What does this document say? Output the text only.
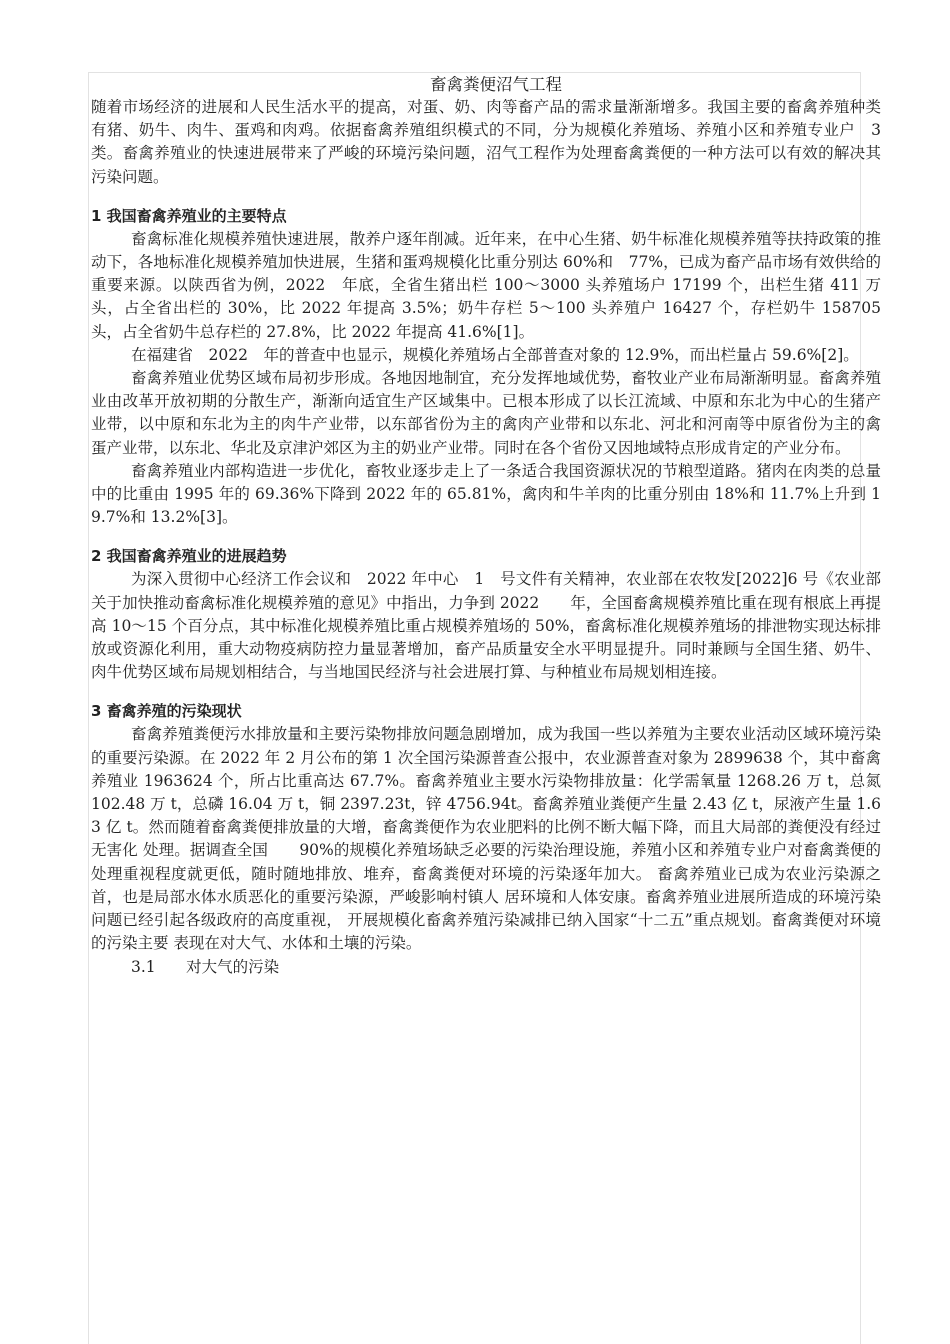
畜禽粪便沼气工程

随着市场经济的进展和人民生活水平的提高，对蛋、奶、肉等畜产品的需求量渐渐增多。我国主要的畜禽养殖种类有猪、奶牛、肉牛、蛋鸡和肉鸡。依据畜禽养殖组织模式的不同，分为规模化养殖场、养殖小区和养殖专业户　3　类。畜禽养殖业的快速进展带来了严峻的环境污染问题，沼气工程作为处理畜禽粪便的一种方法可以有效的解决其污染问题。

1 我国畜禽养殖业的主要特点

畜禽标准化规模养殖快速进展，散养户逐年削减。近年来，在中心生猪、奶牛标准化规模养殖等扶持政策的推动下，各地标准化规模养殖加快进展，生猪和蛋鸡规模化比重分别达 60%和　77%，已成为畜产品市场有效供给的重要来源。以陕西省为例，2022　年底，全省生猪出栏 100～3000 头养殖场户 17199 个，出栏生猪 411 万头，占全省出栏的 30%，比 2022 年提高 3.5%；奶牛存栏 5～100 头养殖户 16427 个，存栏奶牛 158705 头，占全省奶牛总存栏的 27.8%，比 2022 年提高 41.6%[1]。

在福建省　2022　年的普查中也显示，规模化养殖场占全部普查对象的 12.9%，而出栏量占 59.6%[2]。

畜禽养殖业优势区域布局初步形成。各地因地制宜，充分发挥地域优势，畜牧业产业布局渐渐明显。畜禽养殖业由改革开放初期的分散生产，渐渐向适宜生产区域集中。已根本形成了以长江流域、中原和东北为中心的生猪产业带，以中原和东北为主的肉牛产业带，以东部省份为主的禽肉产业带和以东北、河北和河南等中原省份为主的禽蛋产业带，以东北、华北及京津沪郊区为主的奶业产业带。同时在各个省份又因地域特点形成肯定的产业分布。

畜禽养殖业内部构造进一步优化，畜牧业逐步走上了一条适合我国资源状况的节粮型道路。猪肉在肉类的总量中的比重由 1995 年的 69.36%下降到 2022 年的 65.81%，禽肉和牛羊肉的比重分别由 18%和 11.7%上升到 19.7%和 13.2%[3]。

2 我国畜禽养殖业的进展趋势

为深入贯彻中心经济工作会议和　2022 年中心　1　号文件有关精神，农业部在农牧发[2022]6 号《农业部关于加快推动畜禽标准化规模养殖的意见》中指出，力争到 2022　　年，全国畜禽规模养殖比重在现有根底上再提高 10～15 个百分点，其中标准化规模养殖比重占规模养殖场的 50%，畜禽标准化规模养殖场的排泄物实现达标排放或资源化利用，重大动物疫病防控力量显著增加，畜产品质量安全水平明显提升。同时兼顾与全国生猪、奶牛、肉牛优势区域布局规划相结合，与当地国民经济与社会进展打算、与种植业布局规划相连接。

3 畜禽养殖的污染现状

畜禽养殖粪便污水排放量和主要污染物排放问题急剧增加，成为我国一些以养殖为主要农业活动区域环境污染的重要污染源。在 2022 年 2 月公布的第 1 次全国污染源普查公报中，农业源普查对象为 2899638 个，其中畜禽养殖业 1963624 个，所占比重高达 67.7%。畜禽养殖业主要水污染物排放量：化学需氧量 1268.26 万 t，总氮 102.48 万 t，总磷 16.04 万 t，铜 2397.23t，锌 4756.94t。畜禽养殖业粪便产生量 2.43 亿 t，尿液产生量 1.63 亿 t。然而随着畜禽粪便排放量的大增，畜禽粪便作为农业肥料的比例不断大幅下降，而且大局部的粪便没有经过无害化 处理。据调查全国　　90%的规模化养殖场缺乏必要的污染治理设施，养殖小区和养殖专业户对畜禽粪便的处理重视程度就更低，随时随地排放、堆弃，畜禽粪便对环境的污染逐年加大。 畜禽养殖业已成为农业污染源之首，也是局部水体水质恶化的重要污染源，严峻影响村镇人 居环境和人体安康。畜禽养殖业进展所造成的环境污染问题已经引起各级政府的高度重视， 开展规模化畜禽养殖污染减排已纳入国家“十二五”重点规划。畜禽粪便对环境的污染主要 表现在对大气、水体和土壤的污染。

3.1　 对大气的污染
